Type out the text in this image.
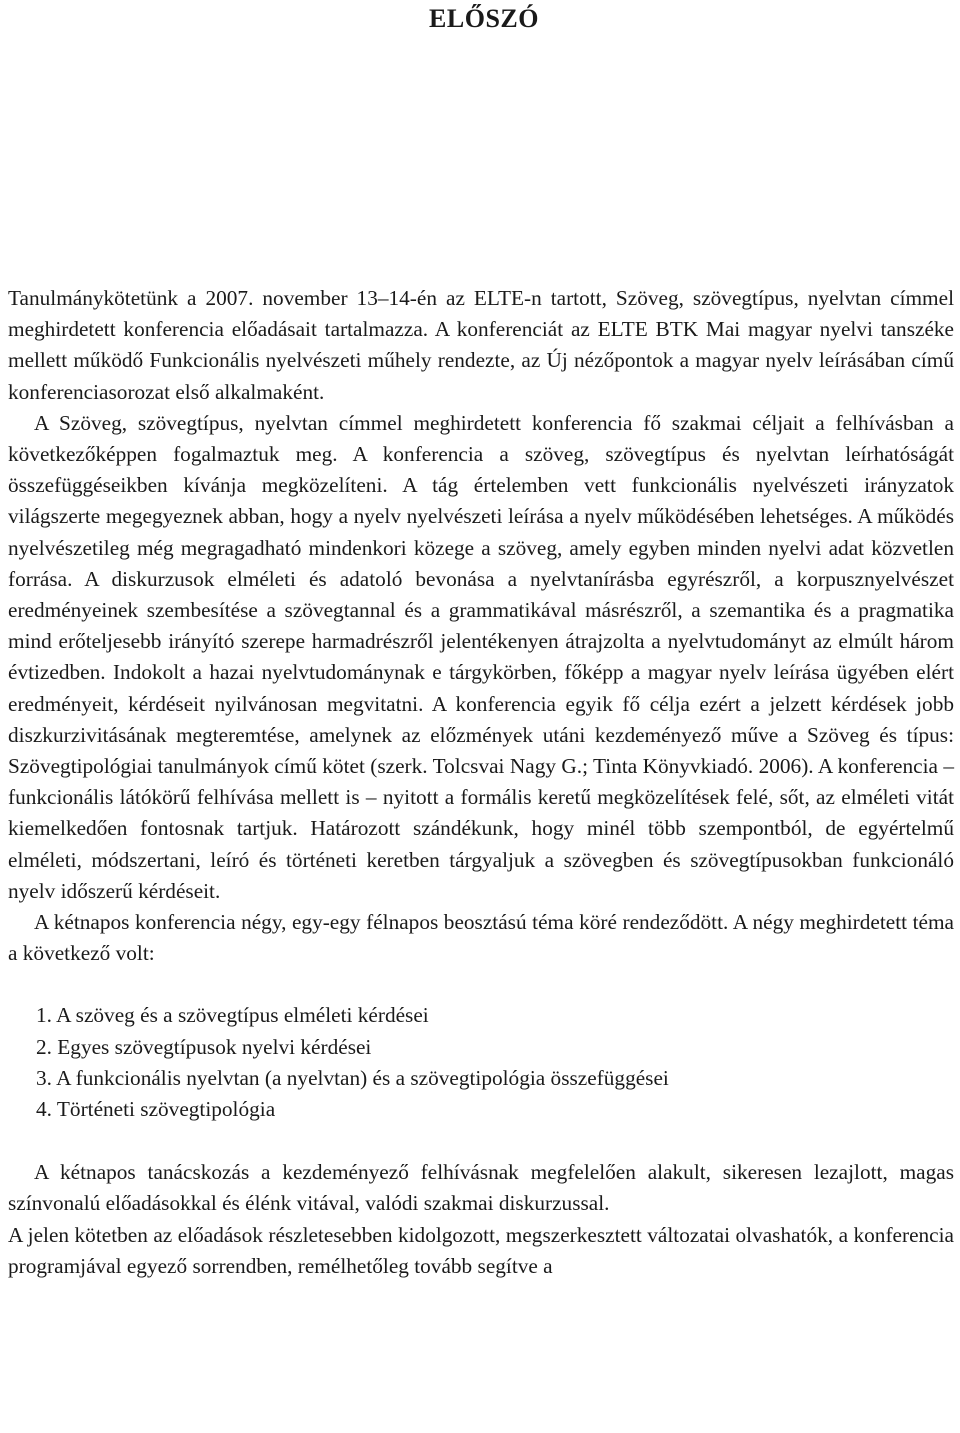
ELŐSZÓ

Tanulmánykötetünk a 2007. november 13–14-én az ELTE-n tartott, Szöveg, szövegtípus, nyelvtan címmel meghirdetett konferencia előadásait tartalmazza. A konferenciát az ELTE BTK Mai magyar nyelvi tanszéke mellett működő Funkcionális nyelvészeti műhely rendezte, az Új nézőpontok a magyar nyelv leírásában című konferenciasorozat első alkalmaként.

A Szöveg, szövegtípus, nyelvtan címmel meghirdetett konferencia fő szakmai céljait a felhívásban a következőképpen fogalmaztuk meg. A konferencia a szöveg, szövegtípus és nyelvtan leírhatóságát összefüggéseikben kívánja megközelíteni. A tág értelemben vett funkcionális nyelvészeti irányzatok világszerte megegyeznek abban, hogy a nyelv nyelvészeti leírása a nyelv működésében lehetséges. A működés nyelvészetileg még megragadható mindenkori közege a szöveg, amely egyben minden nyelvi adat közvetlen forrása. A diskurzusok elméleti és adatoló bevonása a nyelvtanírásba egyrészről, a korpusznyelvészet eredményeinek szembesítése a szövegtannal és a grammatikával másrészről, a szemantika és a pragmatika mind erőteljesebb irányító szerepe harmadrészről jelentékenyen átrajzolta a nyelvtudományt az elmúlt három évtizedben. Indokolt a hazai nyelvtudománynak e tárgykörben, főképp a magyar nyelv leírása ügyében elért eredményeit, kérdéseit nyilvánosan megvitatni. A konferencia egyik fő célja ezért a jelzett kérdések jobb diszkurzivitásának megteremtése, amelynek az előzmények utáni kezdeményező műve a Szöveg és típus: Szövegtipológiai tanulmányok című kötet (szerk. Tolcsvai Nagy G.; Tinta Könyvkiadó. 2006). A konferencia – funkcionális látókörű felhívása mellett is – nyitott a formális keretű megközelítések felé, sőt, az elméleti vitát kiemelkedően fontosnak tartjuk. Határozott szándékunk, hogy minél több szempontból, de egyértelmű elméleti, módszertani, leíró és történeti keretben tárgyaljuk a szövegben és szövegtípusokban funkcionáló nyelv időszerű kérdéseit.

A kétnapos konferencia négy, egy-egy félnapos beosztású téma köré rendeződött. A négy meghirdetett téma a következő volt:

1. A szöveg és a szövegtípus elméleti kérdései
2. Egyes szövegtípusok nyelvi kérdései
3. A funkcionális nyelvtan (a nyelvtan) és a szövegtipológia összefüggései
4. Történeti szövegtipológia

A kétnapos tanácskozás a kezdeményező felhívásnak megfelelően alakult, sikeresen lezajlott, magas színvonalú előadásokkal és élénk vitával, valódi szakmai diskurzussal.

A jelen kötetben az előadások részletesebben kidolgozott, megszerkesztett változatai olvashatók, a konferencia programjával egyező sorrendben, remélhetőleg tovább segítve a
